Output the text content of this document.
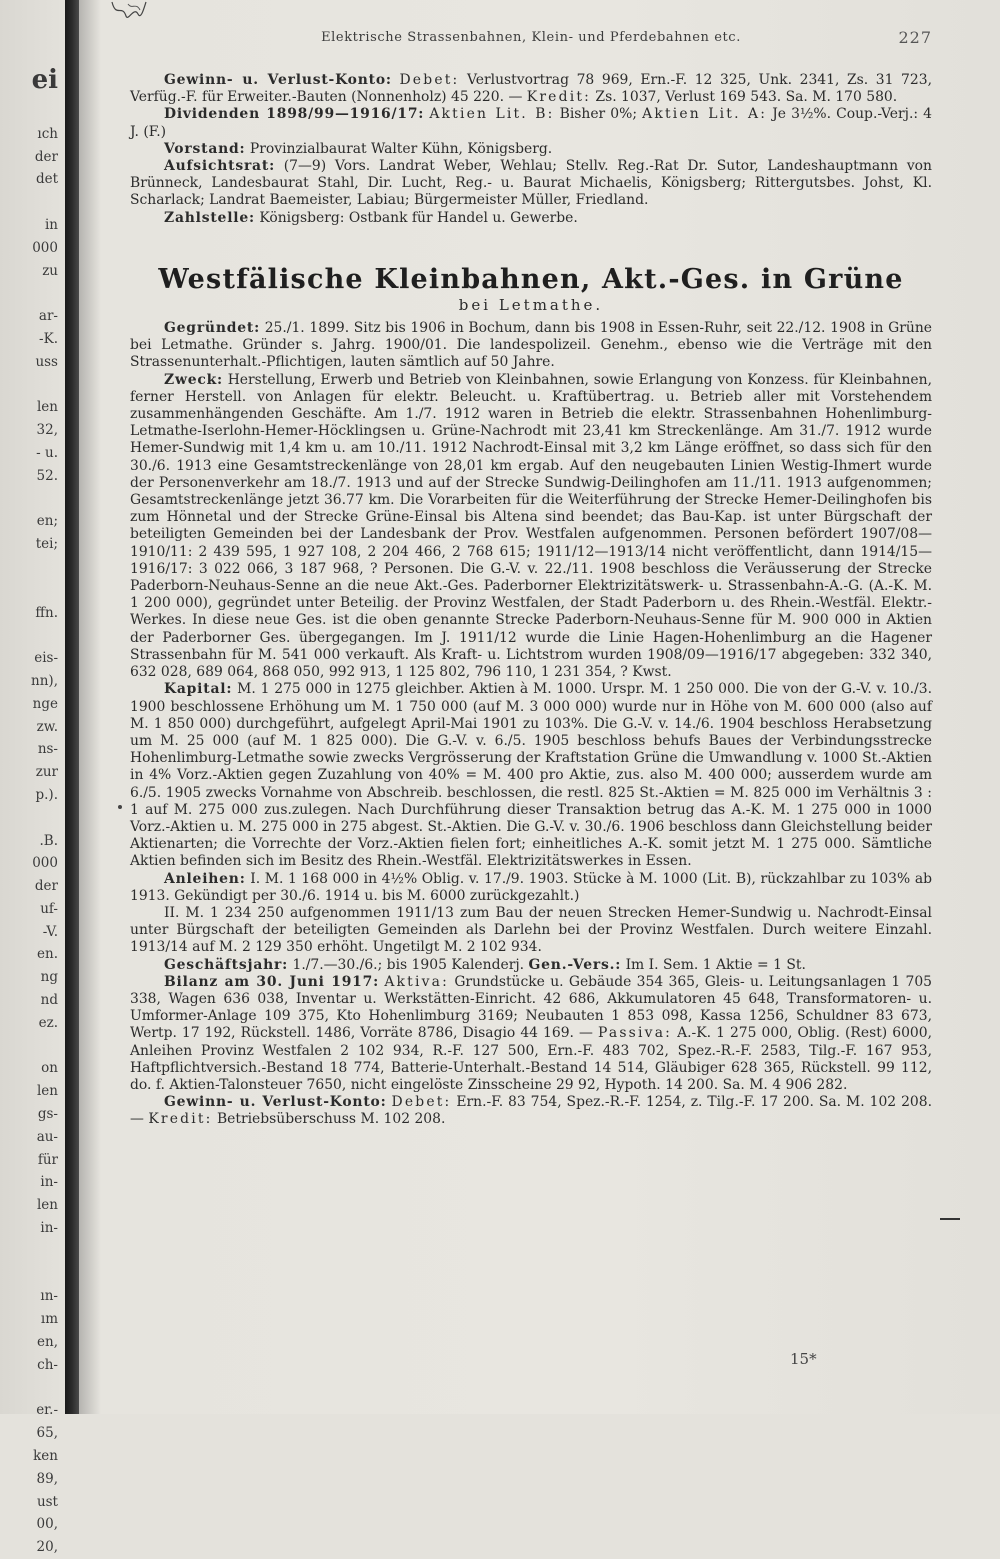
ei

ıch
der
det

in
000
zu

ar-
-K.
uss

len
32,
- u.
52.

en;
tei;

ffn.

eis-
nn),
nge
zw.
ns-
zur
p.).

.B.
000
der
uf-
-V.
en.
ng
nd
ez.

on
len
gs-
au-
für
in-
len
in-

ın-
ım
en,
ch-

er.-
65,
ken
89,
ust
00,
20,
Elektrische Strassenbahnen, Klein- und Pferdebahnen etc.	227

Gewinn- u. Verlust-Konto: Debet: Verlustvortrag 78 969, Ern.-F. 12 325, Unk. 2341, Zs. 31 723, Verfüg.-F. für Erweiter.-Bauten (Nonnenholz) 45 220. — Kredit: Zs. 1037, Verlust 169 543. Sa. M. 170 580.

Dividenden 1898/99—1916/17: Aktien Lit. B: Bisher 0%; Aktien Lit. A: Je 3½%. Coup.-Verj.: 4 J. (F.)

Vorstand: Provinzialbaurat Walter Kühn, Königsberg.

Aufsichtsrat: (7—9) Vors. Landrat Weber, Wehlau; Stellv. Reg.-Rat Dr. Sutor, Landeshauptmann von Brünneck, Landesbaurat Stahl, Dir. Lucht, Reg.- u. Baurat Michaelis, Königsberg; Rittergutsbes. Johst, Kl. Scharlack; Landrat Baemeister, Labiau; Bürgermeister Müller, Friedland.

Zahlstelle: Königsberg: Ostbank für Handel u. Gewerbe.

Westfälische Kleinbahnen, Akt.-Ges. in Grüne
bei Letmathe.

Gegründet: 25./1. 1899. Sitz bis 1906 in Bochum, dann bis 1908 in Essen-Ruhr, seit 22./12. 1908 in Grüne bei Letmathe. Gründer s. Jahrg. 1900/01. Die landespolizeil. Genehm., ebenso wie die Verträge mit den Strassenunterhalt.-Pflichtigen, lauten sämtlich auf 50 Jahre.

Zweck: Herstellung, Erwerb und Betrieb von Kleinbahnen, sowie Erlangung von Konzess. für Kleinbahnen, ferner Herstell. von Anlagen für elektr. Beleucht. u. Kraftübertrag. u. Betrieb aller mit Vorstehendem zusammenhängenden Geschäfte. Am 1./7. 1912 waren in Betrieb die elektr. Strassenbahnen Hohenlimburg-Letmathe-Iserlohn-Hemer-Höcklingsen u. Grüne-Nachrodt mit 23,41 km Streckenlänge. Am 31./7. 1912 wurde Hemer-Sundwig mit 1,4 km u. am 10./11. 1912 Nachrodt-Einsal mit 3,2 km Länge eröffnet, so dass sich für den 30./6. 1913 eine Gesamtstreckenlänge von 28,01 km ergab. Auf den neugebauten Linien Westig-Ihmert wurde der Personenverkehr am 18./7. 1913 und auf der Strecke Sundwig-Deilinghofen am 11./11. 1913 aufgenommen; Gesamtstreckenlänge jetzt 36.77 km. Die Vorarbeiten für die Weiterführung der Strecke Hemer-Deilinghofen bis zum Hönnetal und der Strecke Grüne-Einsal bis Altena sind beendet; das Bau-Kap. ist unter Bürgschaft der beteiligten Gemeinden bei der Landesbank der Prov. Westfalen aufgenommen. Personen befördert 1907/08—1910/11: 2 439 595, 1 927 108, 2 204 466, 2 768 615; 1911/12—1913/14 nicht veröffentlicht, dann 1914/15—1916/17: 3 022 066, 3 187 968, ? Personen. Die G.-V. v. 22./11. 1908 beschloss die Veräusserung der Strecke Paderborn-Neuhaus-Senne an die neue Akt.-Ges. Paderborner Elektrizitätswerk- u. Strassenbahn-A.-G. (A.-K. M. 1 200 000), gegründet unter Beteilig. der Provinz Westfalen, der Stadt Paderborn u. des Rhein.-Westfäl. Elektr.-Werkes. In diese neue Ges. ist die oben genannte Strecke Paderborn-Neuhaus-Senne für M. 900 000 in Aktien der Paderborner Ges. übergegangen. Im J. 1911/12 wurde die Linie Hagen-Hohenlimburg an die Hagener Strassenbahn für M. 541 000 verkauft. Als Kraft- u. Lichtstrom wurden 1908/09—1916/17 abgegeben: 332 340, 632 028, 689 064, 868 050, 992 913, 1 125 802, 796 110, 1 231 354, ? Kwst.

Kapital: M. 1 275 000 in 1275 gleichber. Aktien à M. 1000. Urspr. M. 1 250 000. Die von der G.-V. v. 10./3. 1900 beschlossene Erhöhung um M. 1 750 000 (auf M. 3 000 000) wurde nur in Höhe von M. 600 000 (also auf M. 1 850 000) durchgeführt, aufgelegt April-Mai 1901 zu 103%. Die G.-V. v. 14./6. 1904 beschloss Herabsetzung um M. 25 000 (auf M. 1 825 000). Die G.-V. v. 6./5. 1905 beschloss behufs Baues der Verbindungsstrecke Hohenlimburg-Letmathe sowie zwecks Vergrösserung der Kraftstation Grüne die Umwandlung v. 1000 St.-Aktien in 4% Vorz.-Aktien gegen Zuzahlung von 40% = M. 400 pro Aktie, zus. also M. 400 000; ausserdem wurde am 6./5. 1905 zwecks Vornahme von Abschreib. beschlossen, die restl. 825 St.-Aktien = M. 825 000 im Verhältnis 3 : 1 auf M. 275 000 zus.zulegen. Nach Durchführung dieser Transaktion betrug das A.-K. M. 1 275 000 in 1000 Vorz.-Aktien u. M. 275 000 in 275 abgest. St.-Aktien. Die G.-V. v. 30./6. 1906 beschloss dann Gleichstellung beider Aktienarten; die Vorrechte der Vorz.-Aktien fielen fort; einheitliches A.-K. somit jetzt M. 1 275 000. Sämtliche Aktien befinden sich im Besitz des Rhein.-Westfäl. Elektrizitätswerkes in Essen.

Anleihen: I. M. 1 168 000 in 4½% Oblig. v. 17./9. 1903. Stücke à M. 1000 (Lit. B), rückzahlbar zu 103% ab 1913. Gekündigt per 30./6. 1914 u. bis M. 6000 zurückgezahlt.)

II. M. 1 234 250 aufgenommen 1911/13 zum Bau der neuen Strecken Hemer-Sundwig u. Nachrodt-Einsal unter Bürgschaft der beteiligten Gemeinden als Darlehn bei der Provinz Westfalen. Durch weitere Einzahl. 1913/14 auf M. 2 129 350 erhöht. Ungetilgt M. 2 102 934.

Geschäftsjahr: 1./7.—30./6.; bis 1905 Kalenderj. Gen.-Vers.: Im I. Sem. 1 Aktie = 1 St.

Bilanz am 30. Juni 1917: Aktiva: Grundstücke u. Gebäude 354 365, Gleis- u. Leitungsanlagen 1 705 338, Wagen 636 038, Inventar u. Werkstätten-Einricht. 42 686, Akkumulatoren 45 648, Transformatoren- u. Umformer-Anlage 109 375, Kto Hohenlimburg 3169; Neubauten 1 853 098, Kassa 1256, Schuldner 83 673, Wertp. 17 192, Rückstell. 1486, Vorräte 8786, Disagio 44 169. — Passiva: A.-K. 1 275 000, Oblig. (Rest) 6000, Anleihen Provinz Westfalen 2 102 934, R.-F. 127 500, Ern.-F. 483 702, Spez.-R.-F. 2583, Tilg.-F. 167 953, Haftpflichtversich.-Bestand 18 774, Batterie-Unterhalt.-Bestand 14 514, Gläubiger 628 365, Rückstell. 99 112, do. f. Aktien-Talonsteuer 7650, nicht eingelöste Zinsscheine 29 92, Hypoth. 14 200. Sa. M. 4 906 282.

Gewinn- u. Verlust-Konto: Debet: Ern.-F. 83 754, Spez.-R.-F. 1254, z. Tilg.-F. 17 200. Sa. M. 102 208. — Kredit: Betriebsüberschuss M. 102 208.

15*
